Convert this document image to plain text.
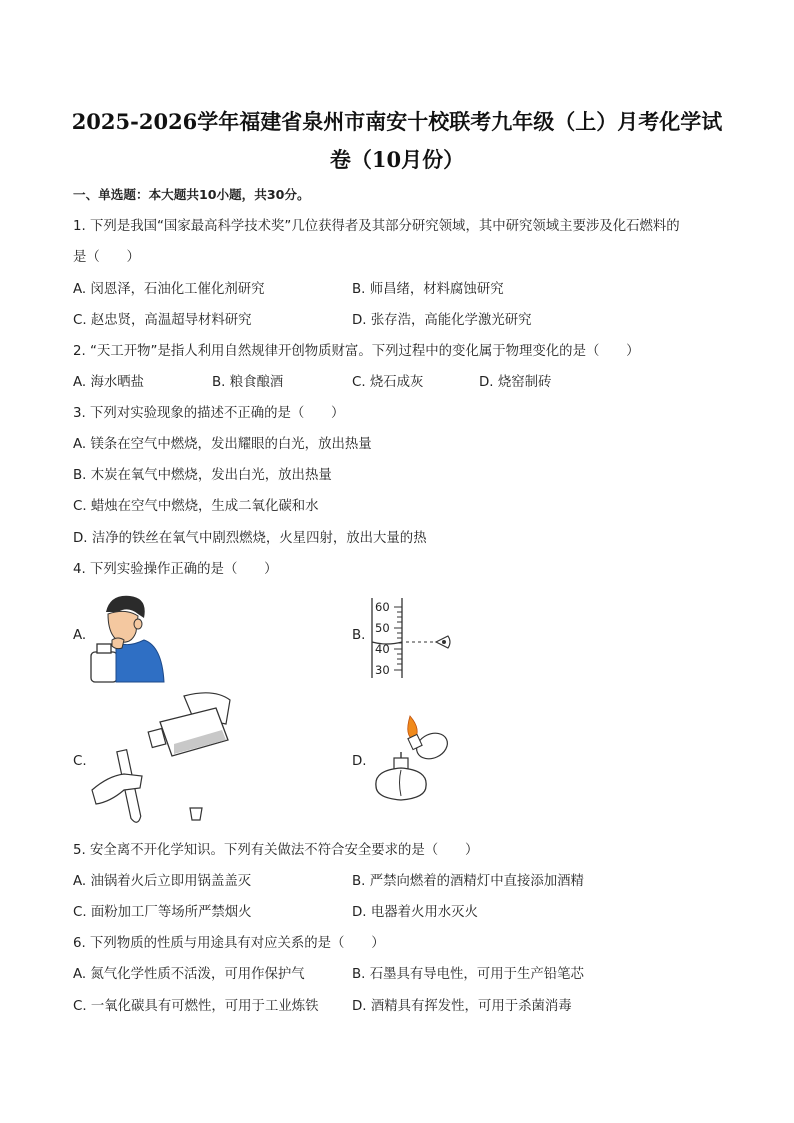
2025-2026学年福建省泉州市南安十校联考九年级（上）月考化学试
卷（10月份）
一、单选题：本大题共10小题，共30分。
1. 下列是我国“国家最高科学技术奖”几位获得者及其部分研究领域，其中研究领域主要涉及化石燃料的
是（　　）
A. 闵恩泽，石油化工催化剂研究	B. 师昌绪，材料腐蚀研究
C. 赵忠贤，高温超导材料研究	D. 张存浩，高能化学激光研究
2. “天工开物”是指人利用自然规律开创物质财富。下列过程中的变化属于物理变化的是（　　）
A. 海水晒盐	B. 粮食酿酒	C. 烧石成灰	D. 烧窑制砖
3. 下列对实验现象的描述不正确的是（　　）
A. 镁条在空气中燃烧，发出耀眼的白光，放出热量
B. 木炭在氧气中燃烧，发出白光，放出热量
C. 蜡烛在空气中燃烧，生成二氧化碳和水
D. 洁净的铁丝在氧气中剧烈燃烧，火星四射，放出大量的热
4. 下列实验操作正确的是（　　）
A.	B.
60
50
40
30
C.	D.
5. 安全离不开化学知识。下列有关做法不符合安全要求的是（　　）
A. 油锅着火后立即用锅盖盖灭	B. 严禁向燃着的酒精灯中直接添加酒精
C. 面粉加工厂等场所严禁烟火	D. 电器着火用水灭火
6. 下列物质的性质与用途具有对应关系的是（　　）
A. 氮气化学性质不活泼，可用作保护气	B. 石墨具有导电性，可用于生产铅笔芯
C. 一氧化碳具有可燃性，可用于工业炼铁 D. 酒精具有挥发性，可用于杀菌消毒
